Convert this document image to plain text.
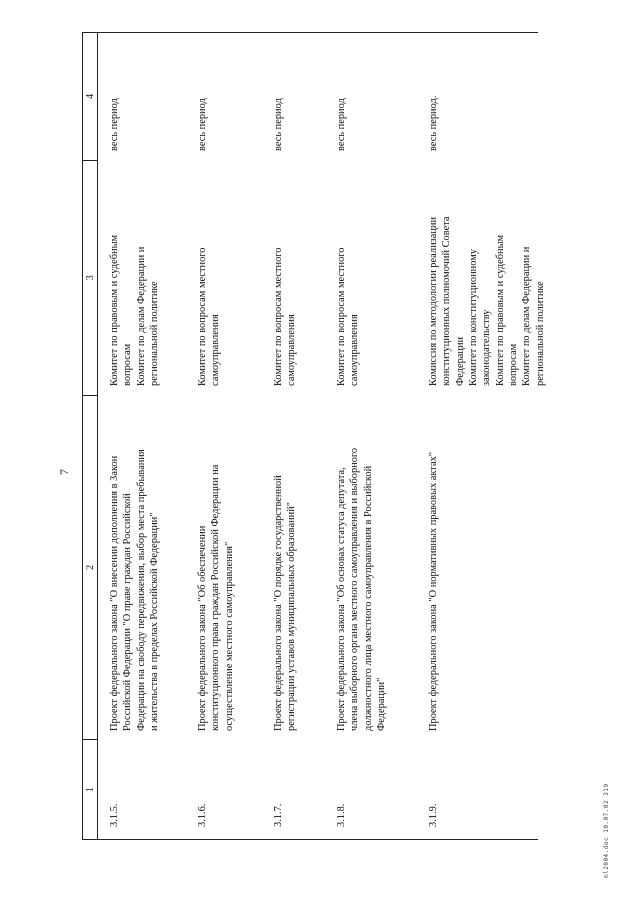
7
1
2
3
4
3.1.5.
Проект федерального закона "О внесении дополнения в Закон Российской Федерации "О праве граждан Российской Федерации на свободу передвижения, выбор места пребывания и жительства в пределах Российской Федерации"
Комитет по правовым и судебным вопросам Комитет по делам Федерации и региональной политике
весь период
3.1.6.
Проект федерального закона "Об обеспечении конституционного права граждан Российской Федерации на осуществление местного самоуправления"
Комитет по вопросам местного самоуправления
весь период
3.1.7.
Проект федерального закона "О порядке государственной регистрации уставов муниципальных образований"
Комитет по вопросам местного самоуправления
весь период
3.1.8.
Проект федерального закона "Об основах статуса депутата, члена выборного органа местного самоуправления и выборного должностного лица местного самоуправления в Российской Федерации"
Комитет по вопросам местного самоуправления
весь период
3.1.9.
Проект федерального закона "О нормативных правовых актах"
Комиссия по методологии реализации конституционных полномочий Совета Федерации Комитет по конституционному законодательству Комитет по правовым и судебным вопросам Комитет по делам Федерации и региональной политике
весь период.
ml2004.doc 10.07.02 319
